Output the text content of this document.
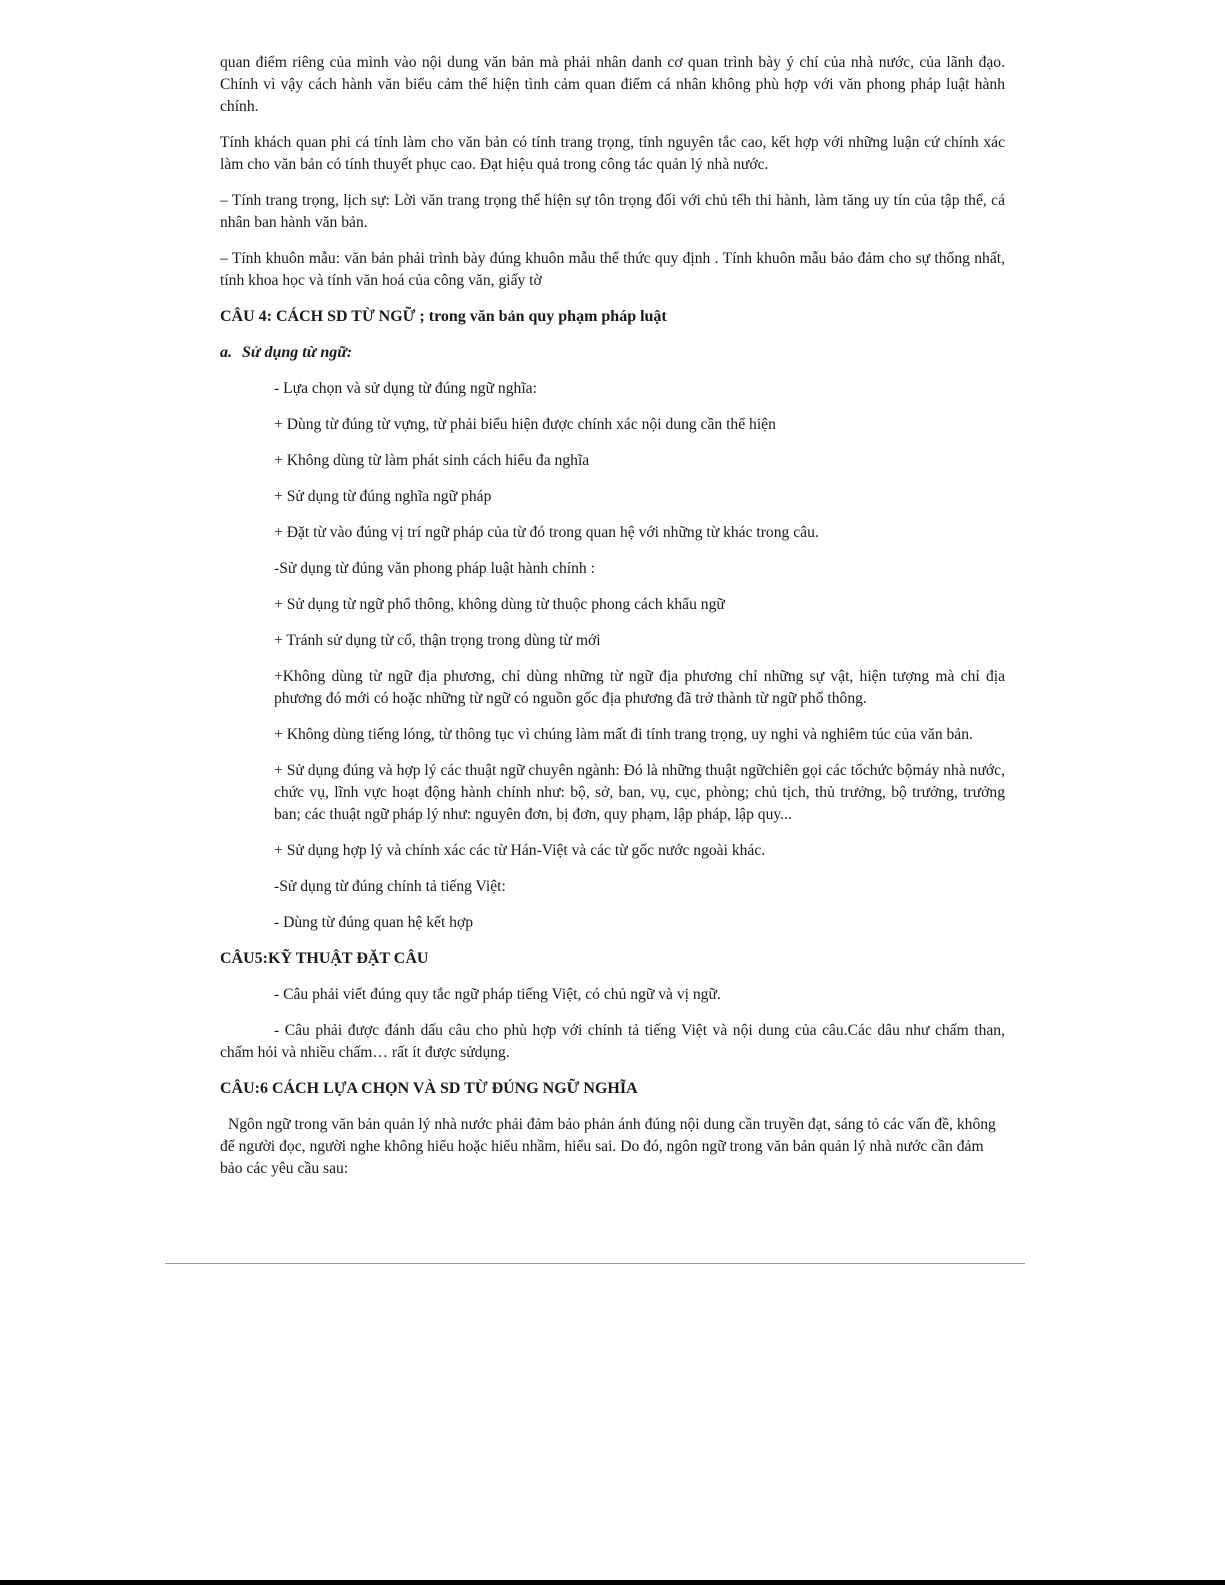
quan điểm riêng của mình vào nội dung văn bản mà phải nhân danh cơ quan trình bày ý chí của nhà nước, của lãnh đạo. Chính vì vậy cách hành văn biểu cảm thể hiện tình cảm quan điểm cá nhân không phù hợp với văn phong pháp luật hành chính.

Tính khách quan phi cá tính làm cho văn bản có tính trang trọng, tính nguyên tắc cao, kết hợp với những luận cứ chính xác làm cho văn bản có tính thuyết phục cao. Đạt hiệu quả trong công tác quản lý nhà nước.

– Tính trang trọng, lịch sự: Lời văn trang trọng thể hiện sự tôn trọng đối với chủ tểh thi hành, làm tăng uy tín của tập thể, cá nhân ban hành văn bản.

– Tính khuôn mẫu: văn bản phải trình bày đúng khuôn mẫu thể thức quy định . Tính khuôn mẫu bảo đảm cho sự thống nhất, tính khoa học và tính văn hoá của công văn, giấy tờ

CÂU 4: CÁCH SD TỪ NGỮ ; trong văn bản quy phạm pháp luật
a. Sử dụng từ ngữ:

- Lựa chọn và sử dụng từ đúng ngữ nghĩa:

+ Dùng từ đúng từ vựng, từ phải biểu hiện được chính xác nội dung cần thể hiện

+ Không dùng từ làm phát sinh cách hiểu đa nghĩa

+ Sử dụng từ đúng nghĩa ngữ pháp

+ Đặt từ vào đúng vị trí ngữ pháp của từ đó trong quan hệ với những từ khác trong câu.

-Sử dụng từ đúng văn phong pháp luật hành chính :

+ Sử dụng từ ngữ phổ thông, không dùng từ thuộc phong cách khẩu ngữ

+ Tránh sử dụng từ cổ, thận trọng trong dùng từ mới

+Không dùng từ ngữ địa phương, chỉ dùng những từ ngữ địa phương chỉ những sự vật, hiện tượng mà chỉ địa phương đó mới có hoặc những từ ngữ có nguồn gốc địa phương đã trở thành từ ngữ phổ thông.

+ Không dùng tiếng lóng, từ thông tục vì chúng làm mất đi tính trang trọng, uy nghi và nghiêm túc của văn bản.

+ Sử dụng đúng và hợp lý các thuật ngữ chuyên ngành: Đó là những thuật ngữchiên gọi các tổchức bộmáy nhà nước, chức vụ, lĩnh vực hoạt động hành chính như: bộ, sở, ban, vụ, cục, phòng; chủ tịch, thủ trưởng, bộ trưởng, trưởng ban; các thuật ngữ pháp lý như: nguyên đơn, bị đơn, quy phạm, lập pháp, lập quy...

+ Sử dụng hợp lý và chính xác các từ Hán-Việt và các từ gốc nước ngoài khác.

-Sử dụng từ đúng chính tả tiếng Việt:

- Dùng từ đúng quan hệ kết hợp

CÂU5:KỸ THUẬT ĐẶT CÂU

- Câu phải viết đúng quy tắc ngữ pháp tiếng Việt, có chủ ngữ và vị ngữ.

- Câu phải được đánh dấu câu cho phù hợp với chính tả tiếng Việt và nội dung của câu.Các dâu như chấm than, chấm hỏi và nhiều chấm… rất ít được sửdụng.

CÂU:6 CÁCH LỰA CHỌN VÀ SD TỪ ĐÚNG NGỮ NGHĨA

Ngôn ngữ trong văn bản quản lý nhà nước phải đảm bảo phản ánh đúng nội dung cần truyền đạt, sáng tỏ các vấn đề, không để người đọc, người nghe không hiểu hoặc hiểu nhầm, hiểu sai. Do đó, ngôn ngữ trong văn bản quản lý nhà nước cần đảm bảo các yêu cầu sau:
